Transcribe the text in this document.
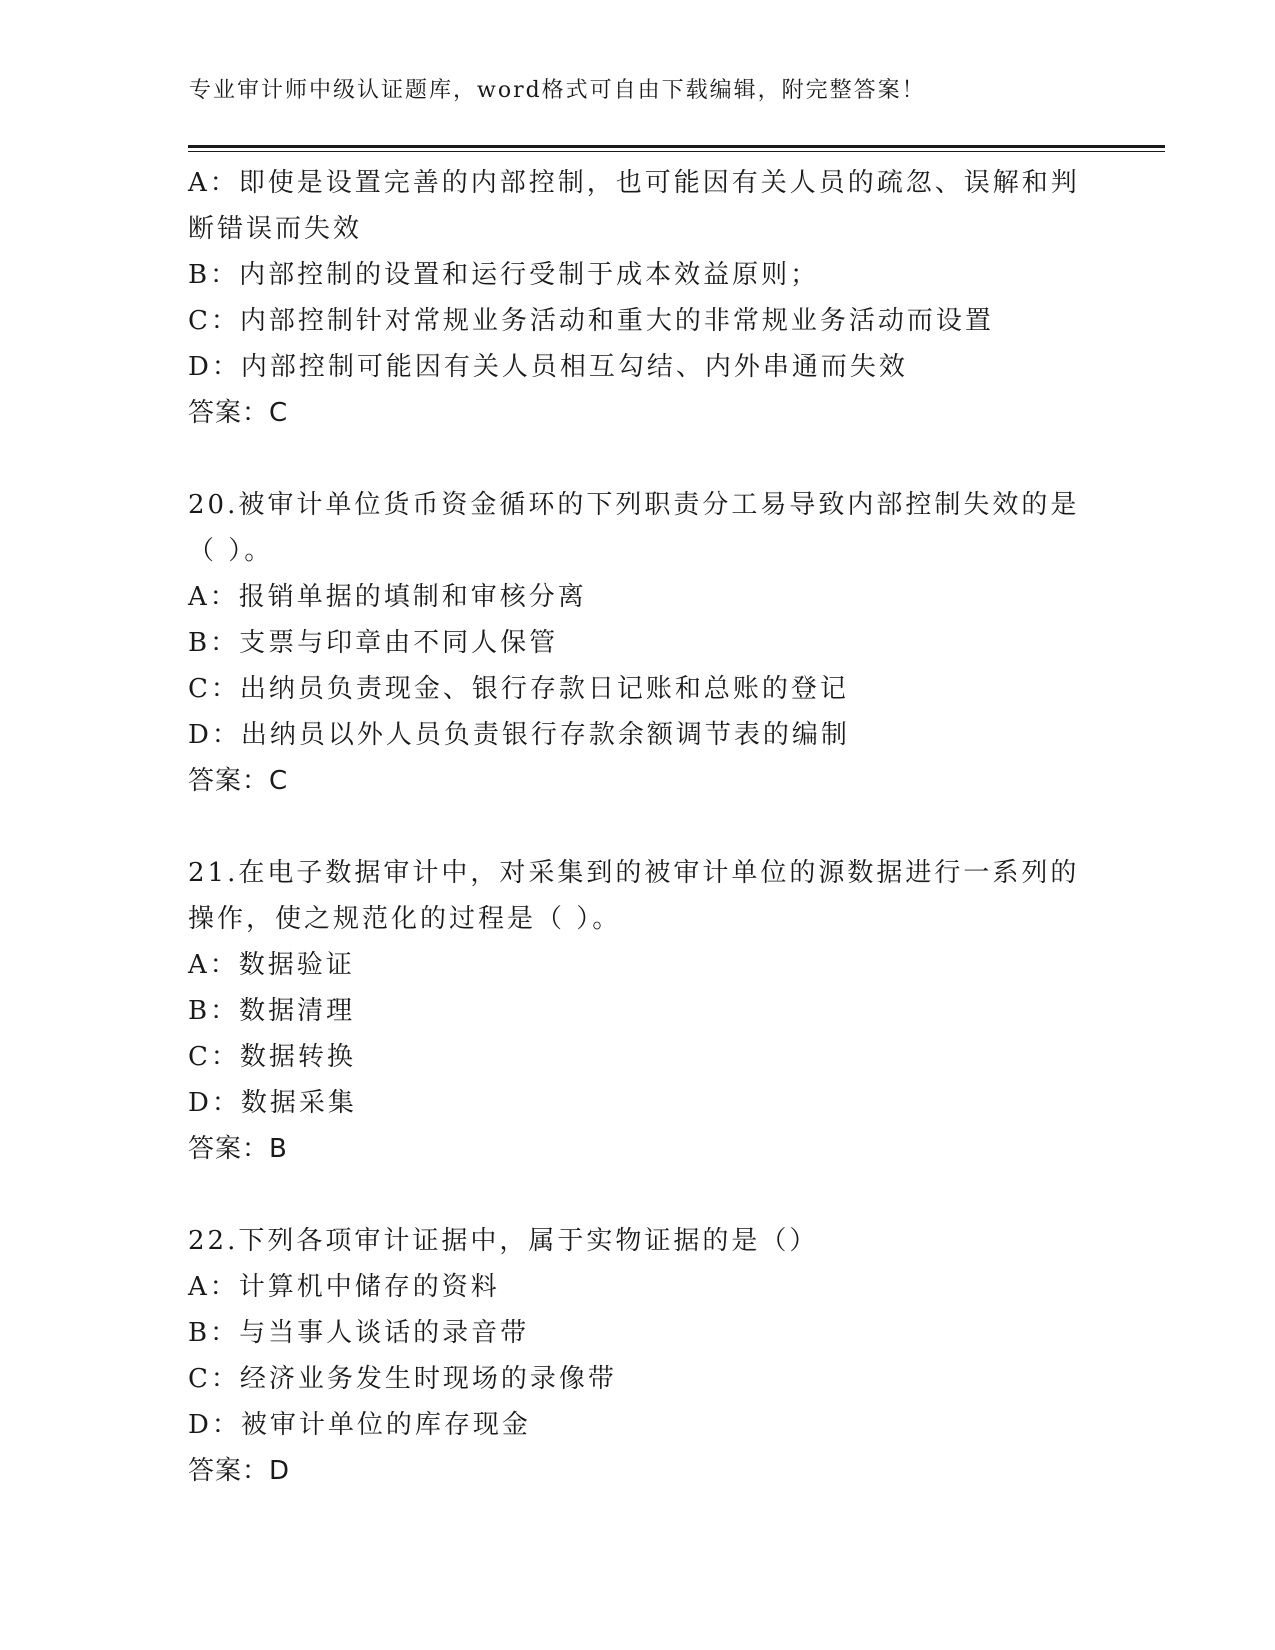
专业审计师中级认证题库，word格式可自由下载编辑，附完整答案！
A：即使是设置完善的内部控制，也可能因有关人员的疏忽、误解和判
断错误而失效
B：内部控制的设置和运行受制于成本效益原则；
C：内部控制针对常规业务活动和重大的非常规业务活动而设置
D：内部控制可能因有关人员相互勾结、内外串通而失效
答案：C
20.被审计单位货币资金循环的下列职责分工易导致内部控制失效的是
（ ）。
A：报销单据的填制和审核分离
B：支票与印章由不同人保管
C：出纳员负责现金、银行存款日记账和总账的登记
D：出纳员以外人员负责银行存款余额调节表的编制
答案：C
21.在电子数据审计中，对采集到的被审计单位的源数据进行一系列的
操作，使之规范化的过程是（ ）。
A：数据验证
B：数据清理
C：数据转换
D：数据采集
答案：B
22.下列各项审计证据中，属于实物证据的是（）
A：计算机中储存的资料
B：与当事人谈话的录音带
C：经济业务发生时现场的录像带
D：被审计单位的库存现金
答案：D
